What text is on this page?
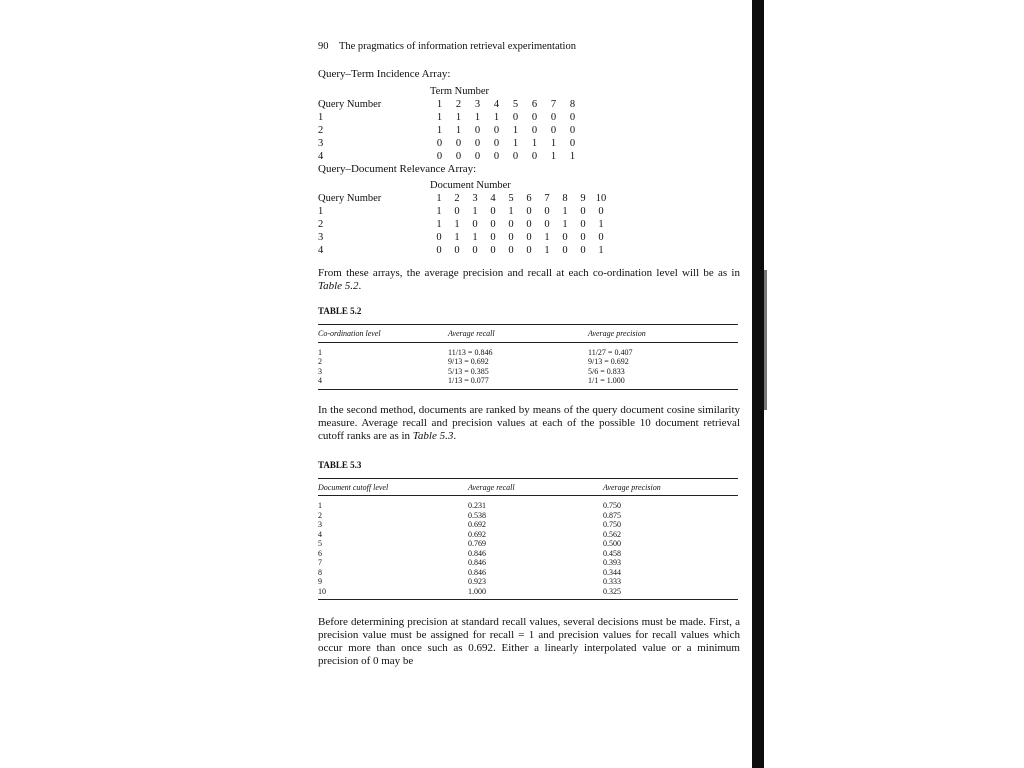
90 The pragmatics of information retrieval experimentation

Query–Term Incidence Array:

	Term Number							
Query Number	1	2	3	4	5	6	7	8
1	1	1	1	1	0	0	0	0
2	1	1	0	0	1	0	0	0
3	0	0	0	0	1	1	1	0
4	0	0	0	0	0	0	1	1

Query–Document Relevance Array:

	Document Number									
Query Number	1	2	3	4	5	6	7	8	9	10
1	1	0	1	0	1	0	0	1	0	0
2	1	1	0	0	0	0	0	1	0	1
3	0	1	1	0	0	0	1	0	0	0
4	0	0	0	0	0	0	1	0	0	1

From these arrays, the average precision and recall at each co-ordination level will be as in Table 5.2.

TABLE 5.2

Co-ordination level	Average recall	Average precision
1	11/13 = 0.846	11/27 = 0.407
2	9/13 = 0.692	9/13 = 0.692
3	5/13 = 0.385	5/6 = 0.833
4	1/13 = 0.077	1/1 = 1.000

In the second method, documents are ranked by means of the query document cosine similarity measure. Average recall and precision values at each of the possible 10 document retrieval cutoff ranks are as in Table 5.3.

TABLE 5.3

Document cutoff level	Average recall	Average precision
1	0.231	0.750
2	0.538	0.875
3	0.692	0.750
4	0.692	0.562
5	0.769	0.500
6	0.846	0.458
7	0.846	0.393
8	0.846	0.344
9	0.923	0.333
10	1.000	0.325

Before determining precision at standard recall values, several decisions must be made. First, a precision value must be assigned for recall = 1 and precision values for recall values which occur more than once such as 0.692. Either a linearly interpolated value or a minimum precision of 0 may be
